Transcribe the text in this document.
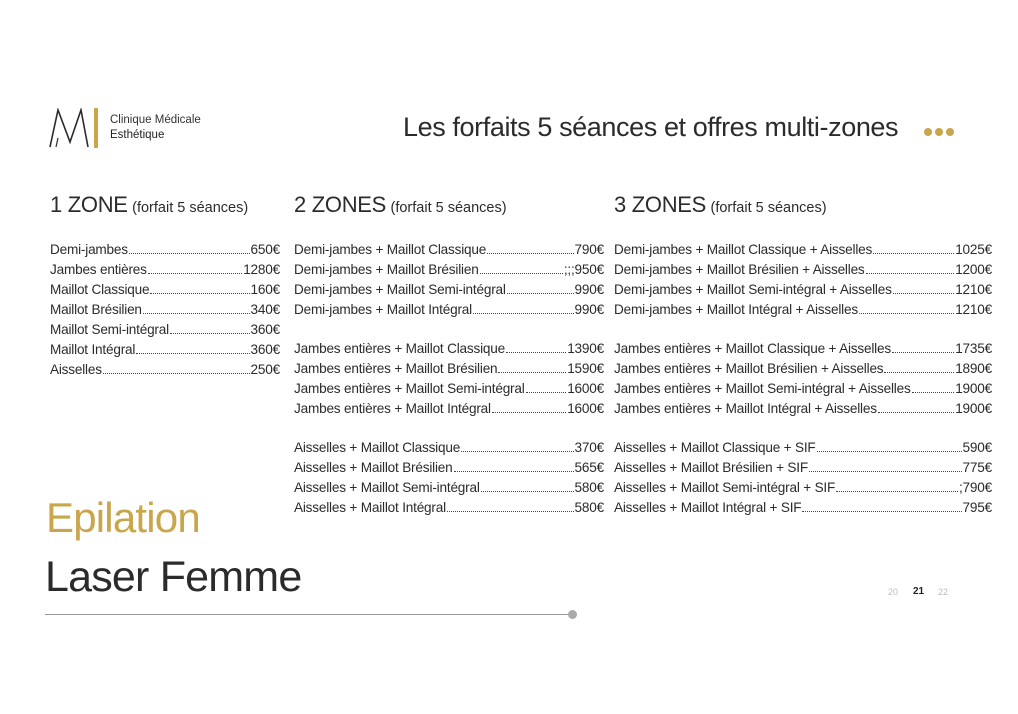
Clinique Médicale
Esthétique	Les forfaits 5 séances et offres multi-zones
1 ZONE (forfait 5 séances)
Demi-jambes	650€
Jambes entières	1280€
Maillot Classique	160€
Maillot Brésilien	340€
Maillot Semi-intégral	360€
Maillot Intégral	360€
Aisselles	250€
2 ZONES (forfait 5 séances)
Demi-jambes + Maillot Classique	790€
Demi-jambes + Maillot Brésilien	;;;950€
Demi-jambes + Maillot Semi-intégral	990€
Demi-jambes + Maillot Intégral	990€
Jambes entières + Maillot Classique	1390€
Jambes entières + Maillot Brésilien	1590€
Jambes entières + Maillot Semi-intégral	1600€
Jambes entières + Maillot Intégral	1600€
Aisselles + Maillot Classique	370€
Aisselles + Maillot Brésilien	565€
Aisselles + Maillot Semi-intégral	580€
Aisselles + Maillot Intégral	580€
3 ZONES (forfait 5 séances)
Demi-jambes + Maillot Classique + Aisselles	1025€
Demi-jambes + Maillot Brésilien + Aisselles	1200€
Demi-jambes + Maillot Semi-intégral + Aisselles	1210€
Demi-jambes + Maillot Intégral + Aisselles	1210€
Jambes entières + Maillot Classique + Aisselles	1735€
Jambes entières + Maillot Brésilien + Aisselles	1890€
Jambes entières + Maillot Semi-intégral + Aisselles	1900€
Jambes entières + Maillot Intégral + Aisselles	1900€
Aisselles + Maillot Classique + SIF	590€
Aisselles + Maillot Brésilien + SIF	775€
Aisselles + Maillot Semi-intégral + SIF	;790€
Aisselles + Maillot Intégral + SIF	795€
Epilation
Laser Femme	20 21 22
